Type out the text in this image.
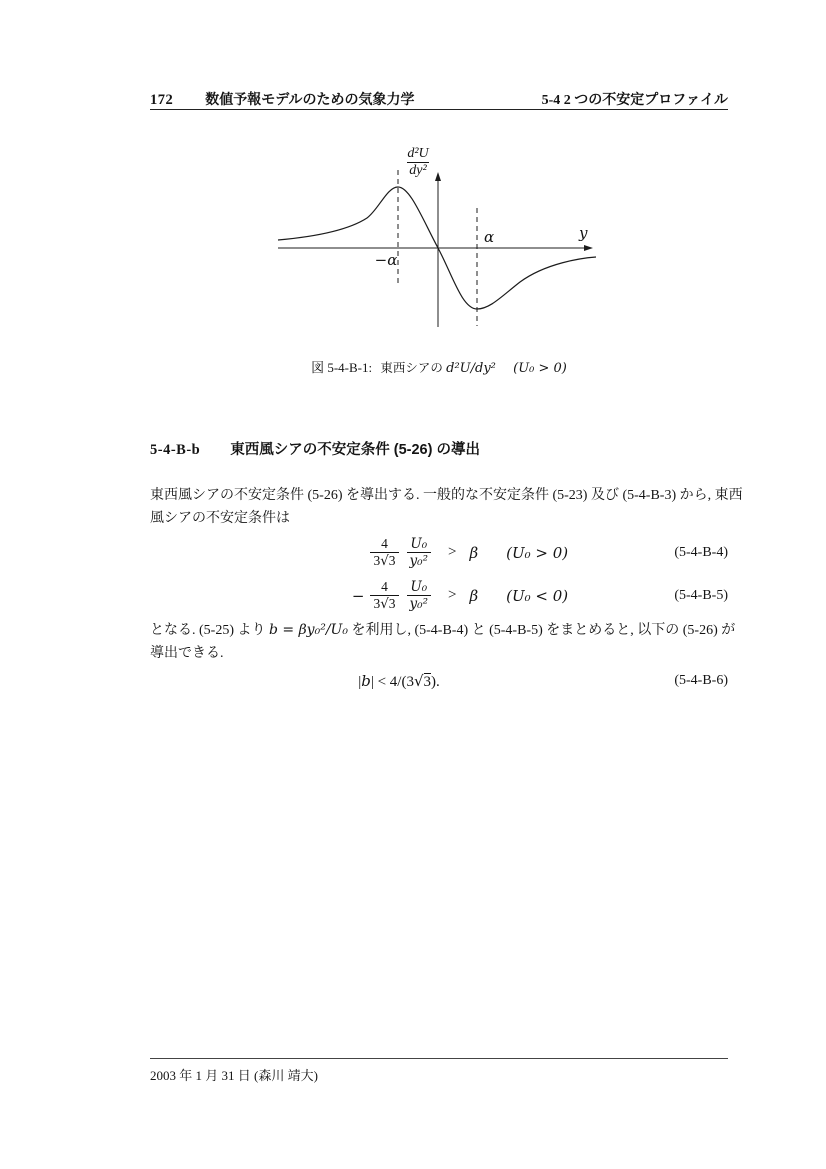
172 数値予報モデルのための気象力学	5-4 2 つの不安定プロファイル
−α
α	y
$\frac{\text{d²U}}{\text{dy²}}$
図 5-4-B-1: 東西シアの d²U/dy² (U₀ > 0)
5-4-B-b 東西風シアの不安定条件 (5-26) の導出
東西風シアの不安定条件 (5-26) を導出する. 一般的な不安定条件 (5-23) 及び (5-4-B-3) から, 東西
風シアの不安定条件は
$\frac{4}{3√3} \frac{\text{U₀}}{\text{y₀²}} > \beta$ (U₀ > 0)	(5-4-B-4)
− $\frac{4}{3√3} \frac{\text{U₀}}{\text{y₀²}} > \beta$ (U₀ < 0)	(5-4-B-5)
となる. (5-25) より b = βy₀²/U₀ を利用し, (5-4-B-4) と (5-4-B-5) をまとめると, 以下の (5-26) が
導出できる.
|b| < 4/(3√3).	(5-4-B-6)
2003 年 1 月 31 日 (森川 靖大)
